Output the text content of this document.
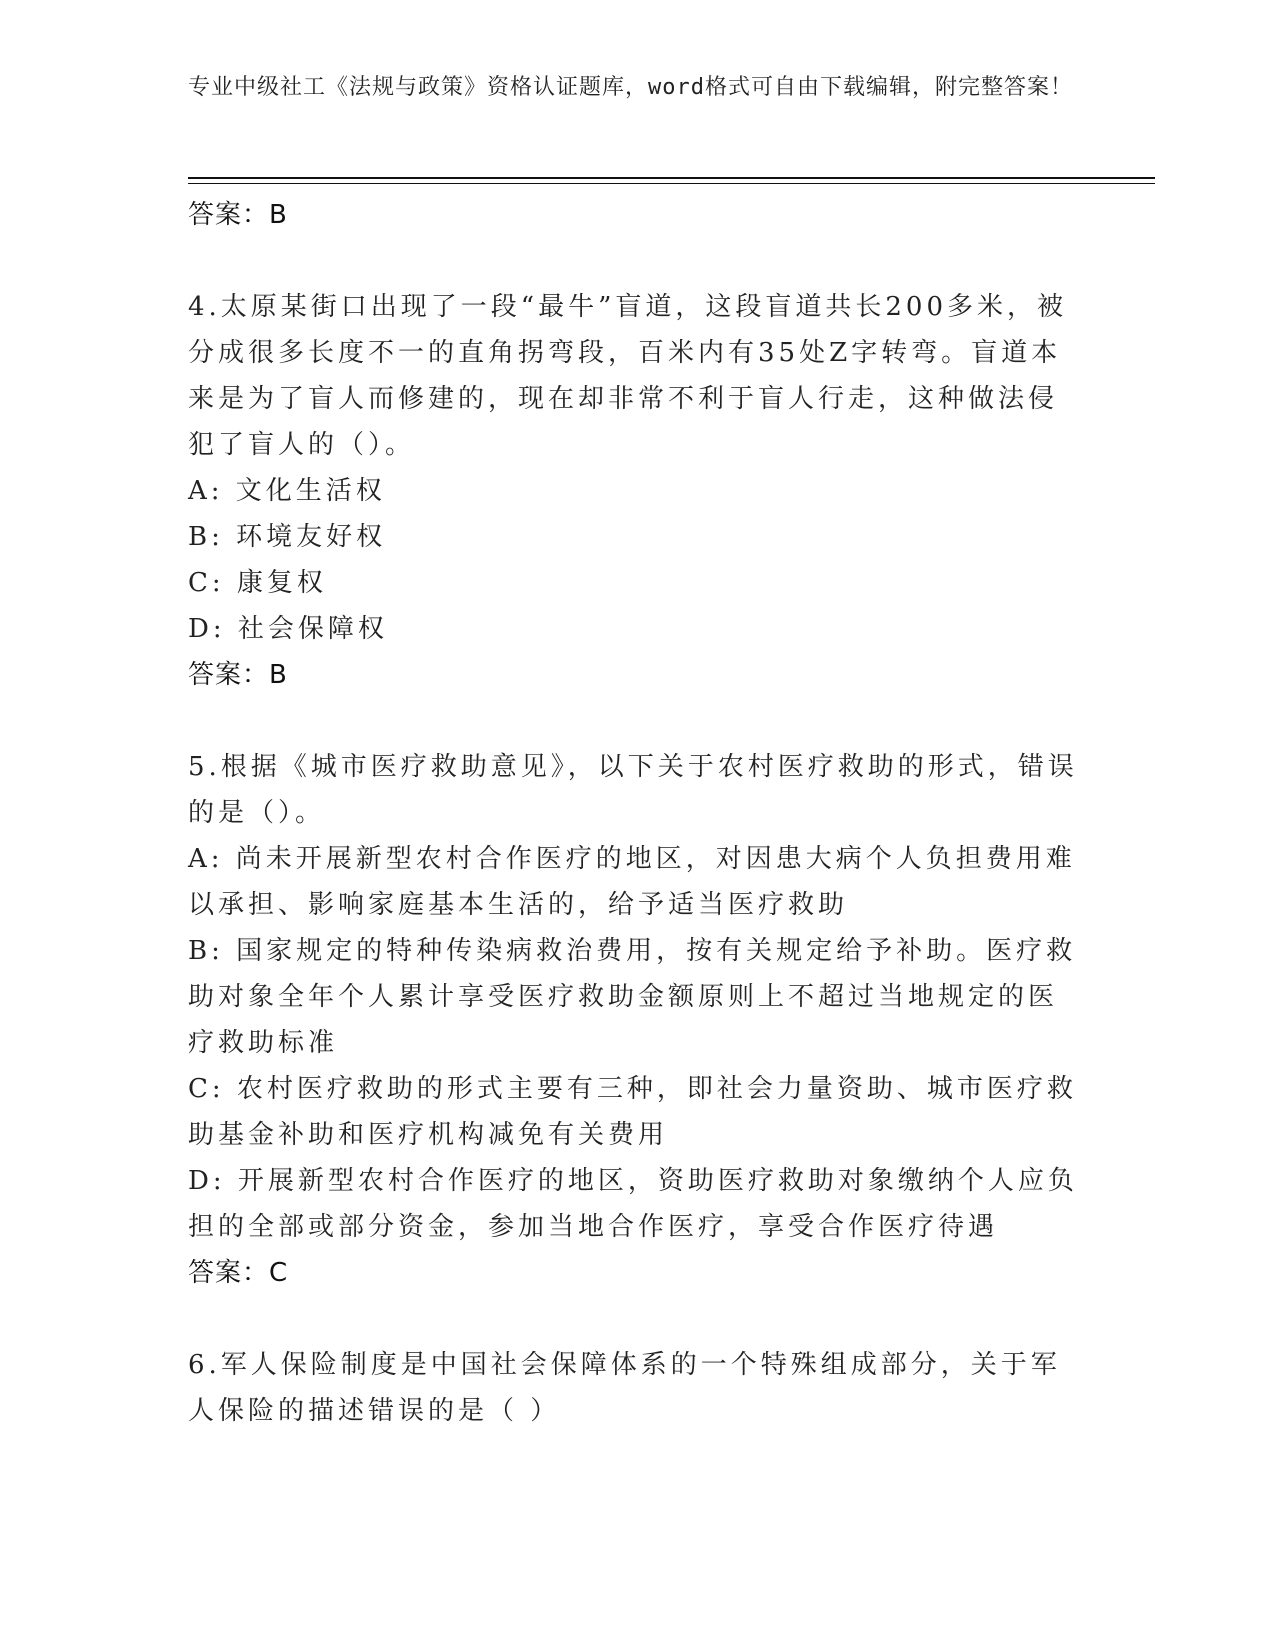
专业中级社工《法规与政策》资格认证题库，word格式可自由下载编辑，附完整答案！
答案：B
4.太原某街口出现了一段“最牛”盲道，这段盲道共长200多米，被分成很多长度不一的直角拐弯段，百米内有35处Z字转弯。盲道本来是为了盲人而修建的，现在却非常不利于盲人行走，这种做法侵犯了盲人的（）。
A: 文化生活权
B: 环境友好权
C: 康复权
D: 社会保障权
答案：B
5.根据《城市医疗救助意见》，以下关于农村医疗救助的形式，错误的是（）。
A: 尚未开展新型农村合作医疗的地区，对因患大病个人负担费用难以承担、影响家庭基本生活的，给予适当医疗救助
B: 国家规定的特种传染病救治费用，按有关规定给予补助。医疗救助对象全年个人累计享受医疗救助金额原则上不超过当地规定的医疗救助标准
C: 农村医疗救助的形式主要有三种，即社会力量资助、城市医疗救助基金补助和医疗机构减免有关费用
D: 开展新型农村合作医疗的地区，资助医疗救助对象缴纳个人应负担的全部或部分资金，参加当地合作医疗，享受合作医疗待遇
答案：C
6.军人保险制度是中国社会保障体系的一个特殊组成部分，关于军人保险的描述错误的是（ ）
